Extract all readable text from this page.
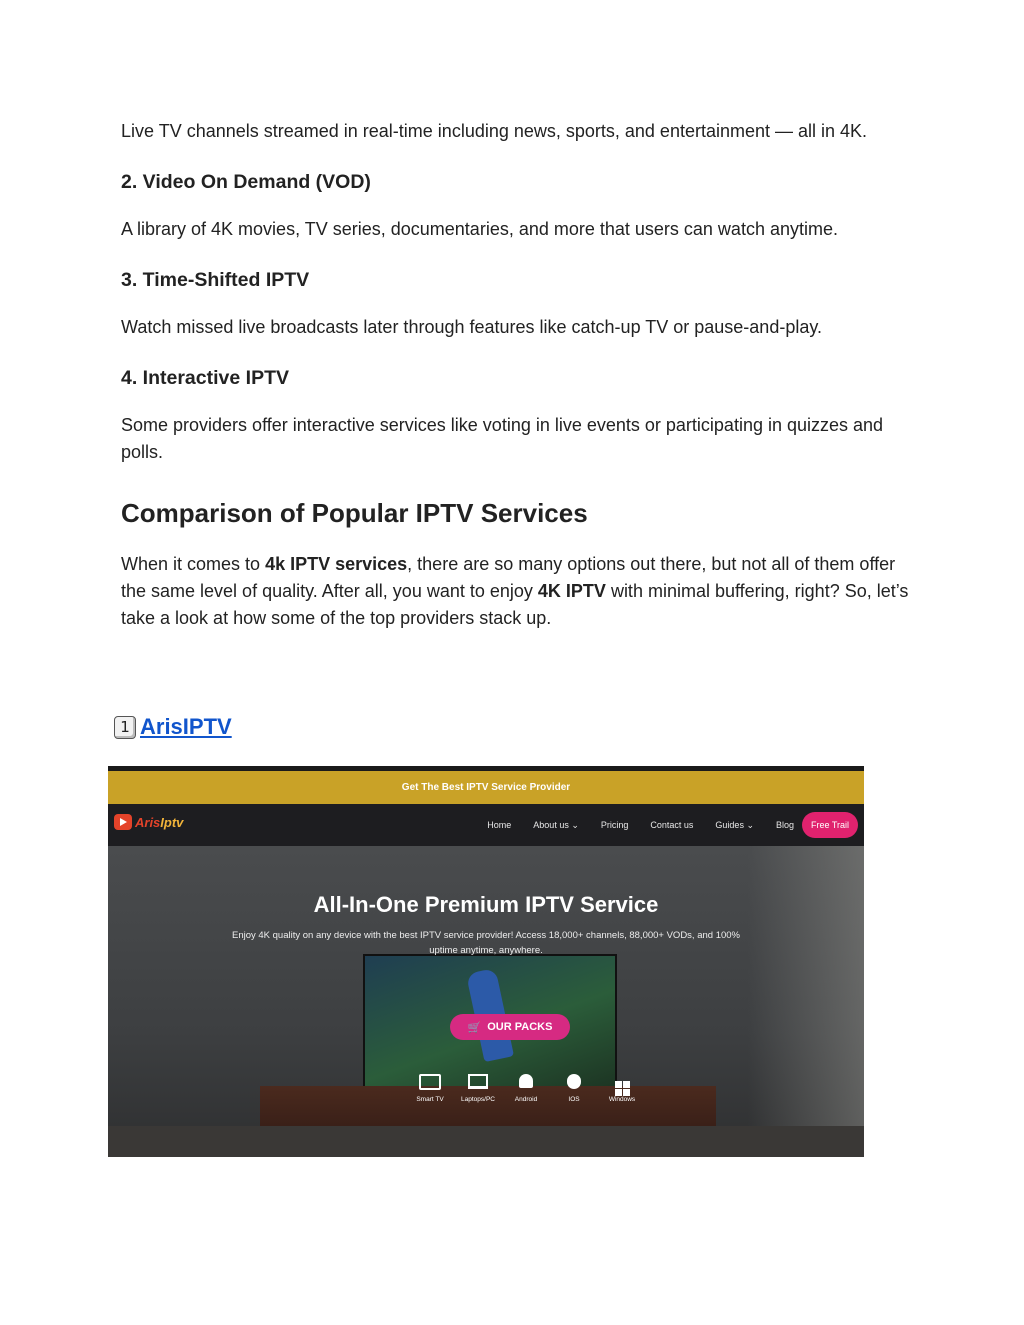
Live TV channels streamed in real-time including news, sports, and entertainment — all in 4K.

2. Video On Demand (VOD)

A library of 4K movies, TV series, documentaries, and more that users can watch anytime.

3. Time-Shifted IPTV

Watch missed live broadcasts later through features like catch-up TV or pause-and-play.

4. Interactive IPTV

Some providers offer interactive services like voting in live events or participating in quizzes and polls.

Comparison of Popular IPTV Services

When it comes to 4k IPTV services, there are so many options out there, but not all of them offer the same level of quality. After all, you want to enjoy 4K IPTV with minimal buffering, right? So, let’s take a look at how some of the top providers stack up.

1 ArisIPTV
Get The Best IPTV Service Provider
ArisIptv	Home About us ⌄ Pricing Contact us Guides ⌄ Blog	Free Trail
All-In-One Premium IPTV Service
Enjoy 4K quality on any device with the best IPTV service provider! Access 18,000+ channels, 88,000+ VODs, and 100% uptime anytime, anywhere.
🛒 OUR PACKS
Smart TV	Laptops/PC	Android	IOS	Windows
